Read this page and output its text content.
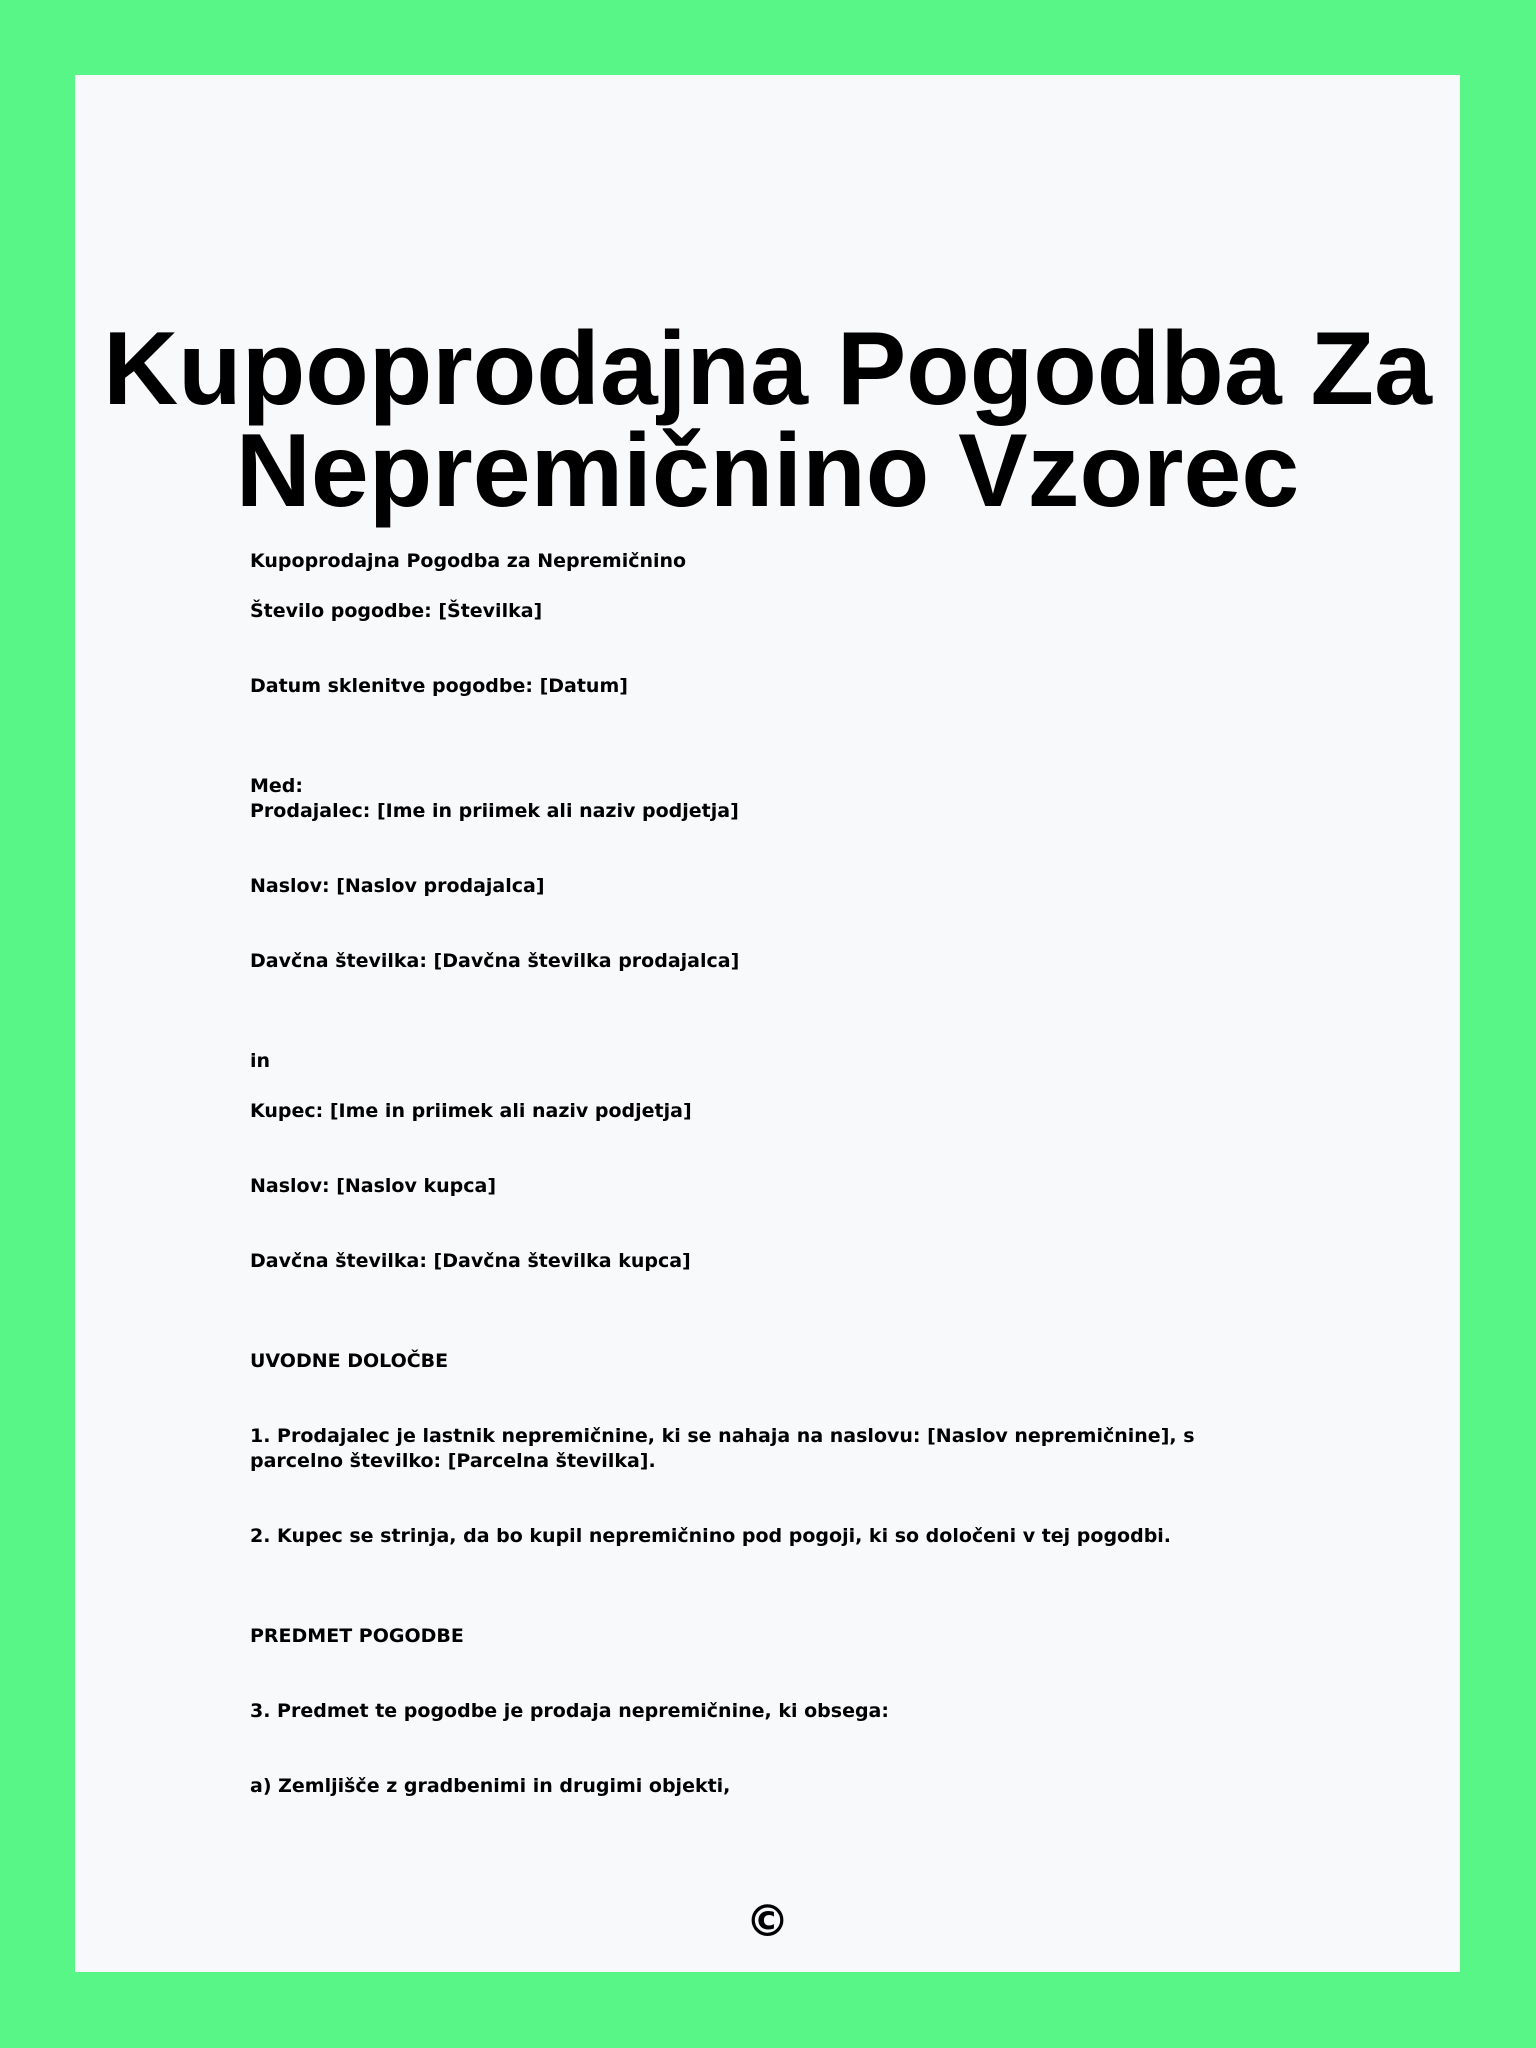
Kupoprodajna Pogodba Za Nepremičnino Vzorec

Kupoprodajna Pogodba za Nepremičnino

Število pogodbe: [Številka]

Datum sklenitve pogodbe: [Datum]

Med:

Prodajalec: [Ime in priimek ali naziv podjetja]

Naslov: [Naslov prodajalca]

Davčna številka: [Davčna številka prodajalca]

in

Kupec: [Ime in priimek ali naziv podjetja]

Naslov: [Naslov kupca]

Davčna številka: [Davčna številka kupca]

UVODNE DOLOČBE

1. Prodajalec je lastnik nepremičnine, ki se nahaja na naslovu: [Naslov nepremičnine], s parcelno številko: [Parcelna številka].

2. Kupec se strinja, da bo kupil nepremičnino pod pogoji, ki so določeni v tej pogodbi.

PREDMET POGODBE

3. Predmet te pogodbe je prodaja nepremičnine, ki obsega:

a) Zemljišče z gradbenimi in drugimi objekti,

©
